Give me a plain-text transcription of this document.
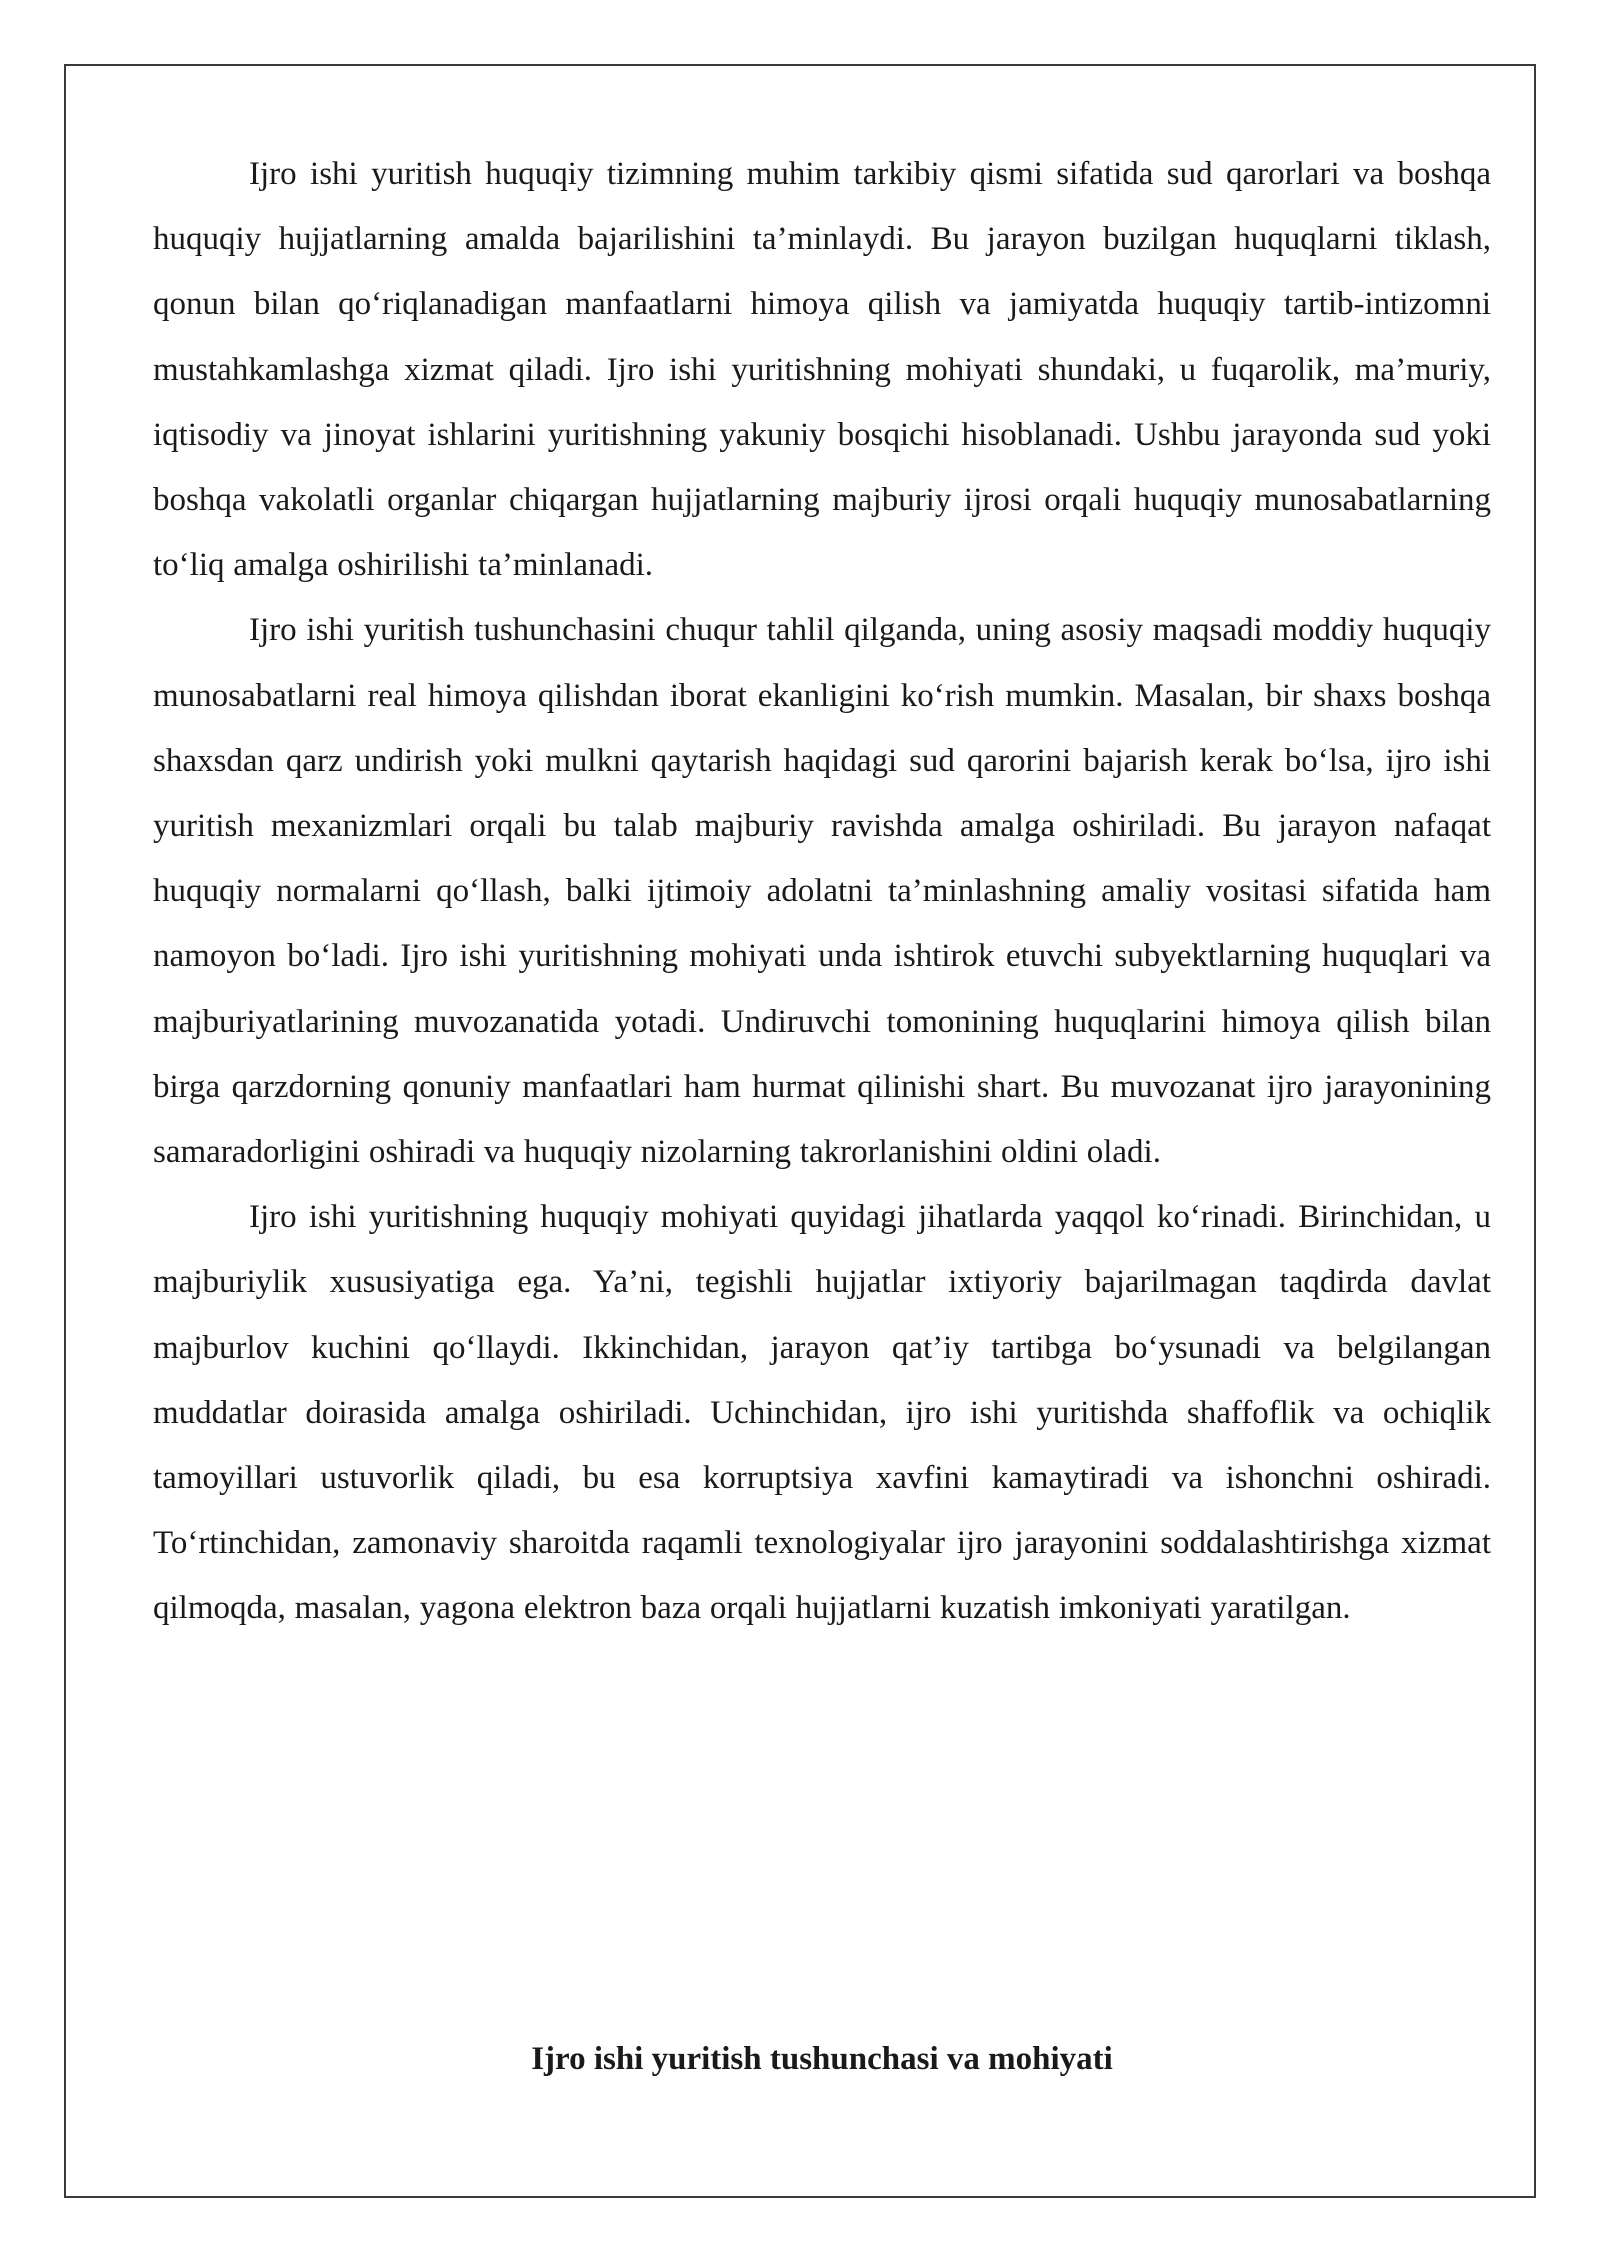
Ijro ishi yuritish huquqiy tizimning muhim tarkibiy qismi sifatida sud qarorlari va boshqa huquqiy hujjatlarning amalda bajarilishini ta’minlaydi. Bu jarayon buzilgan huquqlarni tiklash, qonun bilan qo‘riqlanadigan manfaatlarni himoya qilish va jamiyatda huquqiy tartib-intizomni mustahkamlashga xizmat qiladi. Ijro ishi yuritishning mohiyati shundaki, u fuqarolik, ma’muriy, iqtisodiy va jinoyat ishlarini yuritishning yakuniy bosqichi hisoblanadi. Ushbu jarayonda sud yoki boshqa vakolatli organlar chiqargan hujjatlarning majburiy ijrosi orqali huquqiy munosabatlarning to‘liq amalga oshirilishi ta’minlanadi.

Ijro ishi yuritish tushunchasini chuqur tahlil qilganda, uning asosiy maqsadi moddiy huquqiy munosabatlarni real himoya qilishdan iborat ekanligini ko‘rish mumkin. Masalan, bir shaxs boshqa shaxsdan qarz undirish yoki mulkni qaytarish haqidagi sud qarorini bajarish kerak bo‘lsa, ijro ishi yuritish mexanizmlari orqali bu talab majburiy ravishda amalga oshiriladi. Bu jarayon nafaqat huquqiy normalarni qo‘llash, balki ijtimoiy adolatni ta’minlashning amaliy vositasi sifatida ham namoyon bo‘ladi. Ijro ishi yuritishning mohiyati unda ishtirok etuvchi subyektlarning huquqlari va majburiyatlarining muvozanatida yotadi. Undiruvchi tomonining huquqlarini himoya qilish bilan birga qarzdorning qonuniy manfaatlari ham hurmat qilinishi shart. Bu muvozanat ijro jarayonining samaradorligini oshiradi va huquqiy nizolarning takrorlanishini oldini oladi.

Ijro ishi yuritishning huquqiy mohiyati quyidagi jihatlarda yaqqol ko‘rinadi. Birinchidan, u majburiylik xususiyatiga ega. Ya’ni, tegishli hujjatlar ixtiyoriy bajarilmagan taqdirda davlat majburlov kuchini qo‘llaydi. Ikkinchidan, jarayon qat’iy tartibga bo‘ysunadi va belgilangan muddatlar doirasida amalga oshiriladi. Uchinchidan, ijro ishi yuritishda shaffoflik va ochiqlik tamoyillari ustuvorlik qiladi, bu esa korruptsiya xavfini kamaytiradi va ishonchni oshiradi. To‘rtinchidan, zamonaviy sharoitda raqamli texnologiyalar ijro jarayonini soddalashtirishga xizmat qilmoqda, masalan, yagona elektron baza orqali hujjatlarni kuzatish imkoniyati yaratilgan.

Ijro ishi yuritish tushunchasi va mohiyati
